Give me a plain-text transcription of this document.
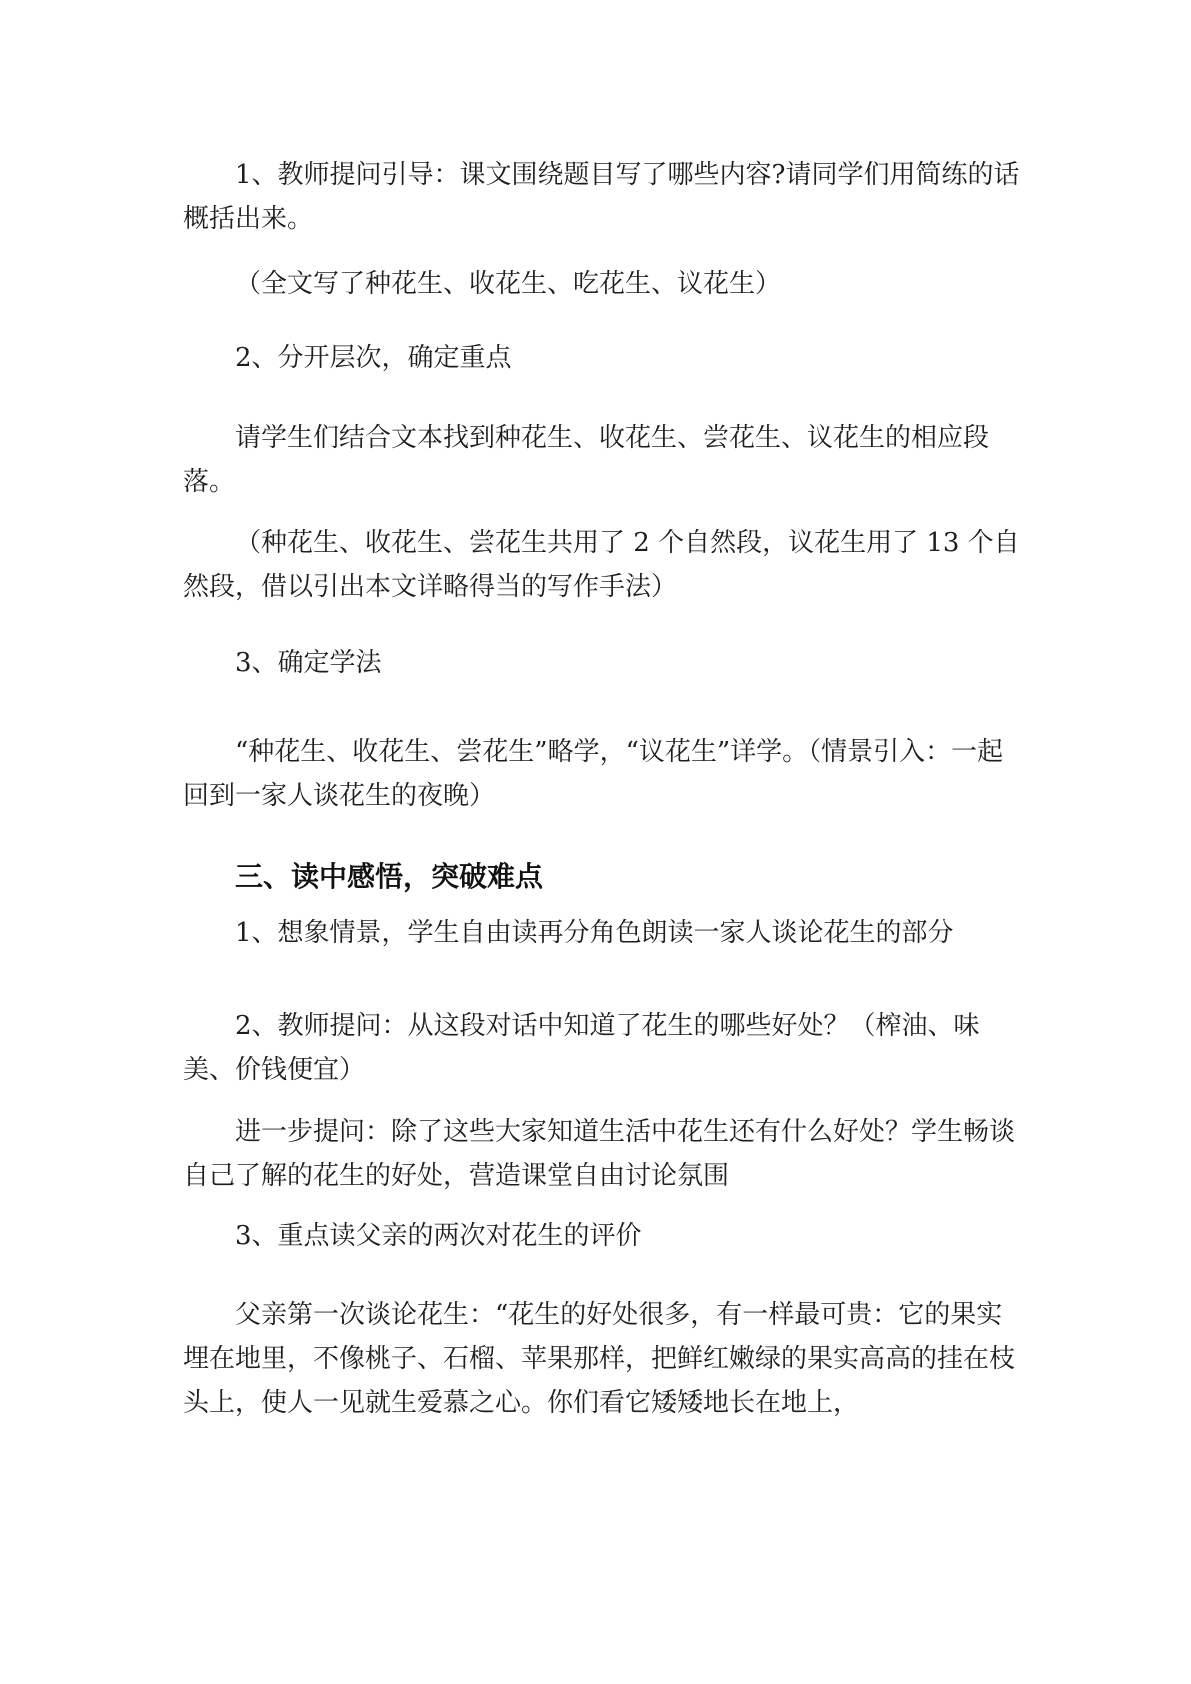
1、教师提问引导：课文围绕题目写了哪些内容?请同学们用简练的话概括出来。

（全文写了种花生、收花生、吃花生、议花生）

2、分开层次，确定重点

请学生们结合文本找到种花生、收花生、尝花生、议花生的相应段落。

（种花生、收花生、尝花生共用了 2 个自然段，议花生用了 13 个自然段，借以引出本文详略得当的写作手法）

3、确定学法

“种花生、收花生、尝花生”略学，“议花生”详学。（情景引入：一起回到一家人谈花生的夜晚）

三、读中感悟，突破难点

1、想象情景，学生自由读再分角色朗读一家人谈论花生的部分

2、教师提问：从这段对话中知道了花生的哪些好处？（榨油、味美、价钱便宜）

进一步提问：除了这些大家知道生活中花生还有什么好处？学生畅谈自己了解的花生的好处，营造课堂自由讨论氛围

3、重点读父亲的两次对花生的评价

父亲第一次谈论花生：“花生的好处很多，有一样最可贵：它的果实埋在地里，不像桃子、石榴、苹果那样，把鲜红嫩绿的果实高高的挂在枝头上，使人一见就生爱慕之心。你们看它矮矮地长在地上，
